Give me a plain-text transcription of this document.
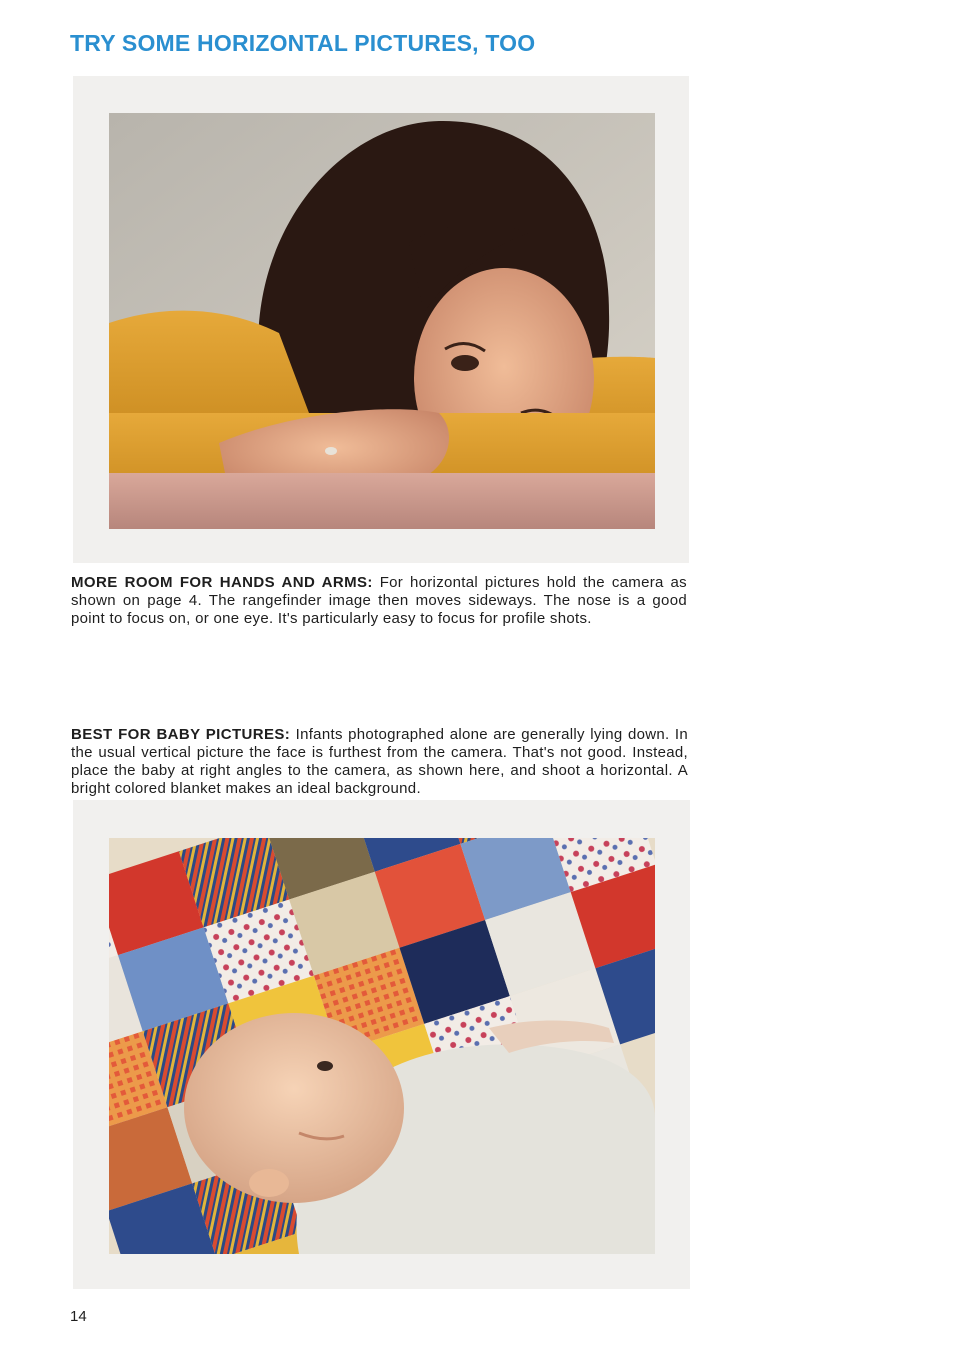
TRY SOME HORIZONTAL PICTURES, TOO

MORE ROOM FOR HANDS AND ARMS: For horizontal pictures hold the camera as shown on page 4. The rangefinder image then moves sideways. The nose is a good point to focus on, or one eye. It's particularly easy to focus for profile shots.

BEST FOR BABY PICTURES: Infants photographed alone are generally lying down. In the usual vertical picture the face is furthest from the camera. That's not good. Instead, place the baby at right angles to the camera, as shown here, and shoot a horizontal. A bright colored blanket makes an ideal background.

14
